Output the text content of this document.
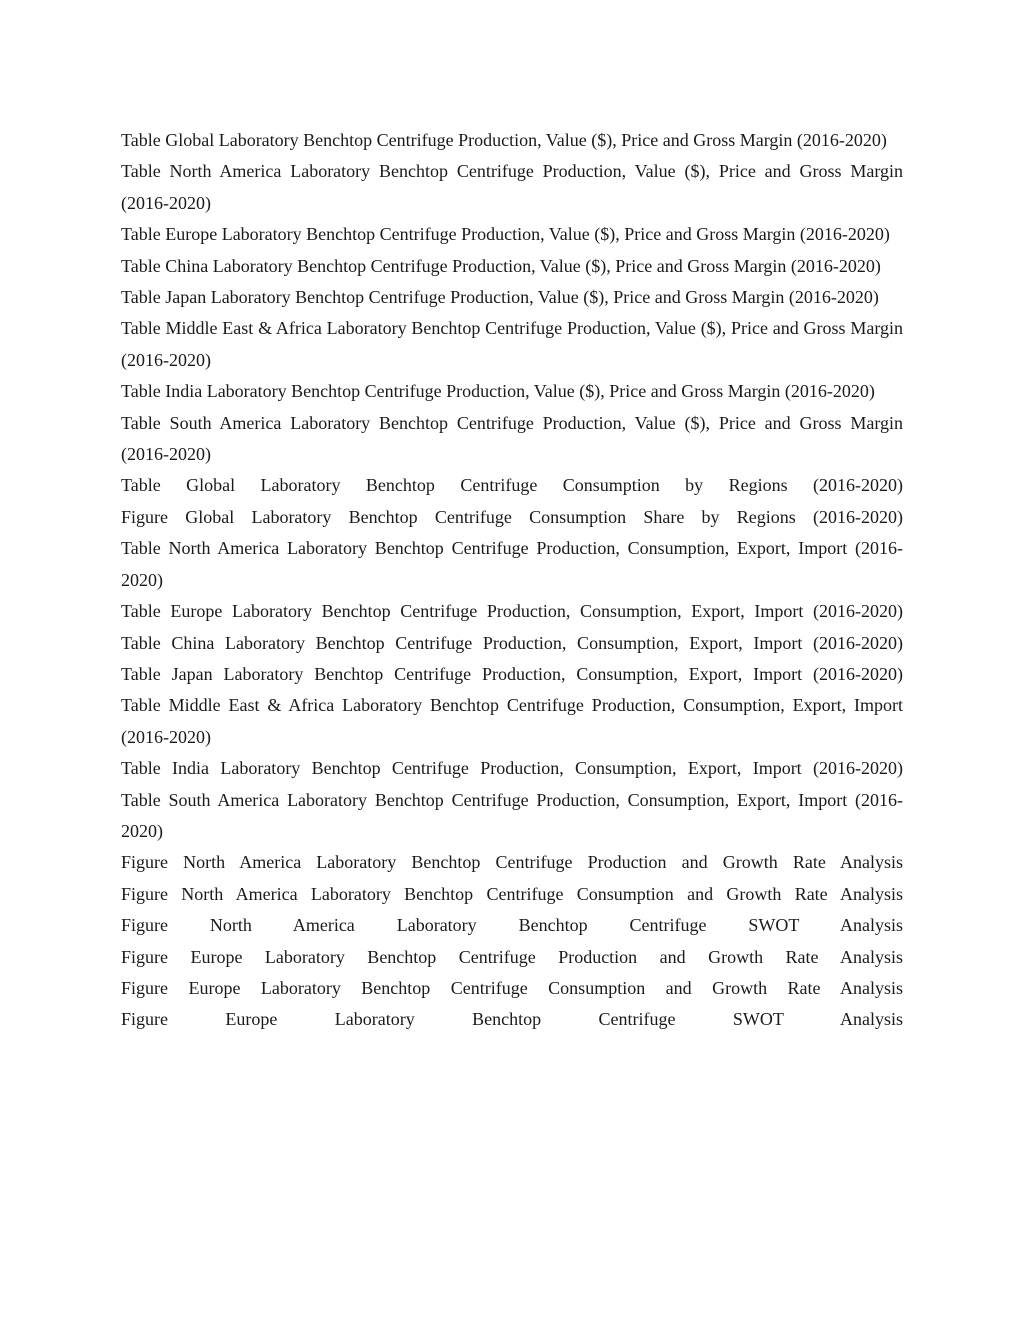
Table Global Laboratory Benchtop Centrifuge Production, Value ($), Price and Gross Margin (2016-2020)

Table North America Laboratory Benchtop Centrifuge Production, Value ($), Price and Gross Margin (2016-2020)

Table Europe Laboratory Benchtop Centrifuge Production, Value ($), Price and Gross Margin (2016-2020)

Table China Laboratory Benchtop Centrifuge Production, Value ($), Price and Gross Margin (2016-2020)

Table Japan Laboratory Benchtop Centrifuge Production, Value ($), Price and Gross Margin (2016-2020)

Table Middle East & Africa Laboratory Benchtop Centrifuge Production, Value ($), Price and Gross Margin (2016-2020)

Table India Laboratory Benchtop Centrifuge Production, Value ($), Price and Gross Margin (2016-2020)

Table South America Laboratory Benchtop Centrifuge Production, Value ($), Price and Gross Margin (2016-2020)

Table Global Laboratory Benchtop Centrifuge Consumption by Regions (2016-2020)

Figure Global Laboratory Benchtop Centrifuge Consumption Share by Regions (2016-2020)

Table North America Laboratory Benchtop Centrifuge Production, Consumption, Export, Import (2016-2020)

Table Europe Laboratory Benchtop Centrifuge Production, Consumption, Export, Import (2016-2020)

Table China Laboratory Benchtop Centrifuge Production, Consumption, Export, Import (2016-2020)

Table Japan Laboratory Benchtop Centrifuge Production, Consumption, Export, Import (2016-2020)

Table Middle East & Africa Laboratory Benchtop Centrifuge Production, Consumption, Export, Import (2016-2020)

Table India Laboratory Benchtop Centrifuge Production, Consumption, Export, Import (2016-2020)

Table South America Laboratory Benchtop Centrifuge Production, Consumption, Export, Import (2016-2020)

Figure North America Laboratory Benchtop Centrifuge Production and Growth Rate Analysis

Figure North America Laboratory Benchtop Centrifuge Consumption and Growth Rate Analysis

Figure North America Laboratory Benchtop Centrifuge SWOT Analysis

Figure Europe Laboratory Benchtop Centrifuge Production and Growth Rate Analysis

Figure Europe Laboratory Benchtop Centrifuge Consumption and Growth Rate Analysis

Figure Europe Laboratory Benchtop Centrifuge SWOT Analysis
